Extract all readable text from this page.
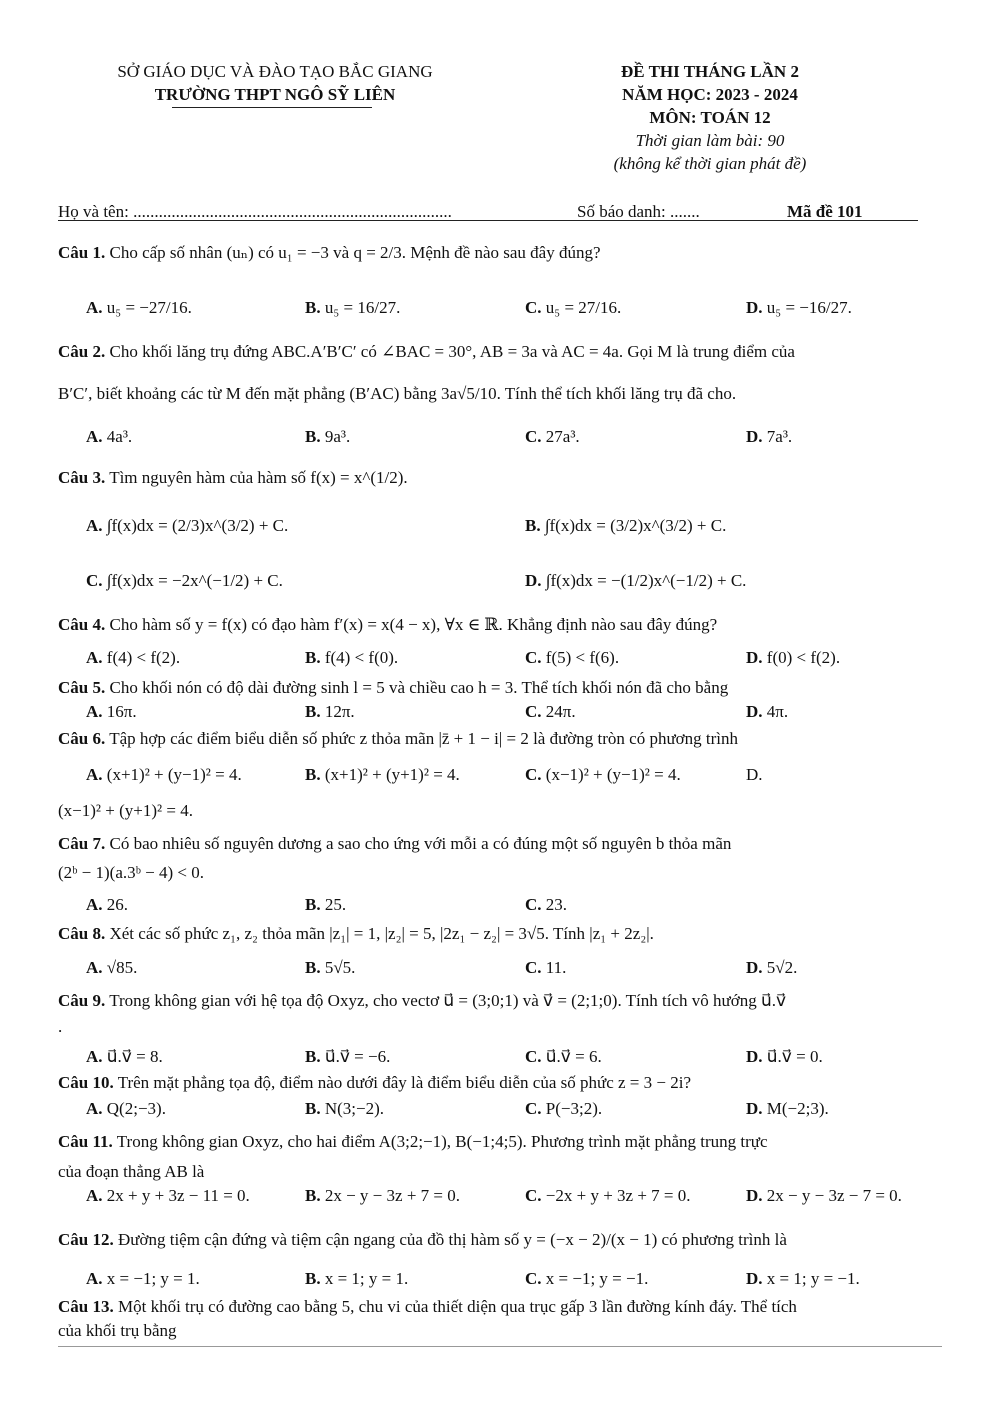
SỞ GIÁO DỤC VÀ ĐÀO TẠO BẮC GIANG
TRƯỜNG THPT NGÔ SỸ LIÊN
ĐỀ THI THÁNG LẦN 2
NĂM HỌC: 2023 - 2024
MÔN: TOÁN 12
Thời gian làm bài: 90
(không kể thời gian phát đề)
Họ và tên: ...........................................................................	Số báo danh: .......	Mã đề 101
Câu 1. Cho cấp số nhân (uₙ) có u₁ = −3 và q = 2/3. Mệnh đề nào sau đây đúng?
A. u₅ = −27/16.	B. u₅ = 16/27.	C. u₅ = 27/16.	D. u₅ = −16/27.
Câu 2. Cho khối lăng trụ đứng ABC.A′B′C′ có ∠BAC = 30°, AB = 3a và AC = 4a. Gọi M là trung điểm của
B′C′, biết khoảng các từ M đến mặt phẳng (B′AC) bằng 3a√5/10. Tính thể tích khối lăng trụ đã cho.
A. 4a³.	B. 9a³.	C. 27a³.	D. 7a³.
Câu 3. Tìm nguyên hàm của hàm số f(x) = x^(1/2).
A. ∫f(x)dx = (2/3)x^(3/2) + C.	B. ∫f(x)dx = (3/2)x^(3/2) + C.
C. ∫f(x)dx = −2x^(−1/2) + C.	D. ∫f(x)dx = −(1/2)x^(−1/2) + C.
Câu 4. Cho hàm số y = f(x) có đạo hàm f′(x) = x(4 − x), ∀x ∈ ℝ. Khẳng định nào sau đây đúng?
A. f(4) < f(2).	B. f(4) < f(0).	C. f(5) < f(6).	D. f(0) < f(2).
Câu 5. Cho khối nón có độ dài đường sinh l = 5 và chiều cao h = 3. Thể tích khối nón đã cho bằng
A. 16π.	B. 12π.	C. 24π.	D. 4π.
Câu 6. Tập hợp các điểm biểu diễn số phức z thỏa mãn |z̄ + 1 − i| = 2 là đường tròn có phương trình
A. (x+1)² + (y−1)² = 4.	B. (x+1)² + (y+1)² = 4.	C. (x−1)² + (y−1)² = 4.	D.
(x−1)² + (y+1)² = 4.
Câu 7. Có bao nhiêu số nguyên dương a sao cho ứng với mỗi a có đúng một số nguyên b thỏa mãn
(2ᵇ − 1)(a.3ᵇ − 4) < 0.
A. 26.	B. 25.	C. 23.
Câu 8. Xét các số phức z₁, z₂ thỏa mãn |z₁| = 1, |z₂| = 5, |2z₁ − z₂| = 3√5. Tính |z₁ + 2z₂|.
A. √85.	B. 5√5.	C. 11.	D. 5√2.
Câu 9. Trong không gian với hệ tọa độ Oxyz, cho vectơ u⃗ = (3;0;1) và v⃗ = (2;1;0). Tính tích vô hướng u⃗.v⃗
.
A. u⃗.v⃗ = 8.	B. u⃗.v⃗ = −6.	C. u⃗.v⃗ = 6.	D. u⃗.v⃗ = 0.
Câu 10. Trên mặt phẳng tọa độ, điểm nào dưới đây là điểm biểu diễn của số phức z = 3 − 2i?
A. Q(2;−3).	B. N(3;−2).	C. P(−3;2).	D. M(−2;3).
Câu 11. Trong không gian Oxyz, cho hai điểm A(3;2;−1), B(−1;4;5). Phương trình mặt phẳng trung trực
của đoạn thẳng AB là
A. 2x + y + 3z − 11 = 0.	B. 2x − y − 3z + 7 = 0.	C. −2x + y + 3z + 7 = 0.	D. 2x − y − 3z − 7 = 0.
Câu 12. Đường tiệm cận đứng và tiệm cận ngang của đồ thị hàm số y = (−x − 2)/(x − 1) có phương trình là
A. x = −1; y = 1.	B. x = 1; y = 1.	C. x = −1; y = −1.	D. x = 1; y = −1.
Câu 13. Một khối trụ có đường cao bằng 5, chu vi của thiết diện qua trục gấp 3 lần đường kính đáy. Thể tích
của khối trụ bằng
